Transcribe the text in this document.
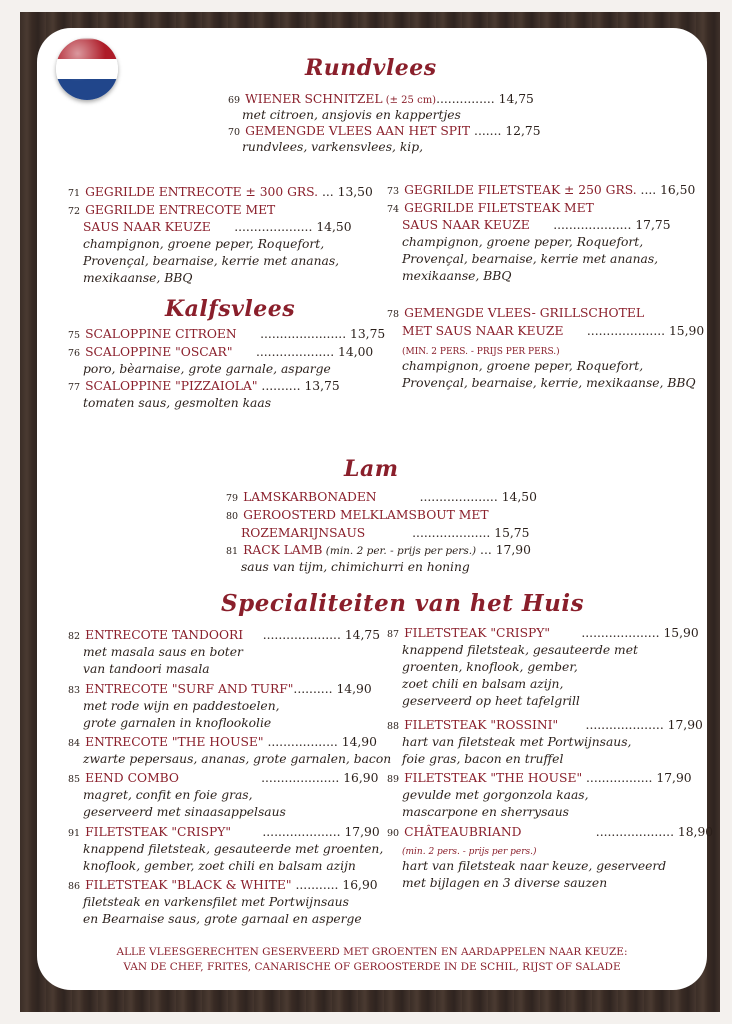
Rundvlees
69 WIENER SCHNITZEL (± 25 cm)............... 14,75
met citroen, ansjovis en kappertjes
70 GEMENGDE VLEES AAN HET SPIT ....... 12,75
rundvlees, varkensvlees, kip,
71 GEGRILDE ENTRECOTE ± 300 GRS. ... 13,50
72 GEGRILDE ENTRECOTE MET
SAUS NAAR KEUZE .................... 14,50
champignon, groene peper, Roquefort,
Provençal, bearnaise, kerrie met ananas,
mexikaanse, BBQ
Kalfsvlees
75 SCALOPPINE CITROEN ...................... 13,75
76 SCALOPPINE "OSCAR" .................... 14,00
poro, bèarnaise, grote garnale, asparge
77 SCALOPPINE "PIZZAIOLA" .......... 13,75
tomaten saus, gesmolten kaas
73 GEGRILDE FILETSTEAK ± 250 GRS. .... 16,50
74 GEGRILDE FILETSTEAK MET
SAUS NAAR KEUZE .................... 17,75
champignon, groene peper, Roquefort,
Provençal, bearnaise, kerrie met ananas,
mexikaanse, BBQ
78 GEMENGDE VLEES- GRILLSCHOTEL
MET SAUS NAAR KEUZE .................... 15,90
(MIN. 2 PERS. - PRIJS PER PERS.)
champignon, groene peper, Roquefort,
Provençal, bearnaise, kerrie, mexikaanse, BBQ
Lam
79 LAMSKARBONADEN	.................... 14,50
80 GEROOSTERD MELKLAMSBOUT MET
ROZEMARIJNSAUS	.................... 15,75
81 RACK LAMB (min. 2 per. - prijs per pers.) ... 17,90
saus van tijm, chimichurri en honing
Specialiteiten van het Huis
82 ENTRECOTE TANDOORI .................... 14,75
met masala saus en boter
van tandoori masala
83 ENTRECOTE "SURF AND TURF".......... 14,90
met rode wijn en paddestoelen,
grote garnalen in knoflookolie
84 ENTRECOTE "THE HOUSE" .................. 14,90
zwarte pepersaus, ananas, grote garnalen, bacon
85 EEND COMBO	.................... 16,90
magret, confit en foie gras,
geserveerd met sinaasappelsaus
91 FILETSTEAK "CRISPY"	.................... 17,90
knappend filetsteak, gesauteerde met groenten,
knoflook, gember, zoet chili en balsam azijn
86 FILETSTEAK "BLACK & WHITE" ........... 16,90
filetsteak en varkensfilet met Portwijnsaus
en Bearnaise saus, grote garnaal en asperge
87 FILETSTEAK "CRISPY"	.................... 15,90
knappend filetsteak, gesauteerde met
groenten, knoflook, gember,
zoet chili en balsam azijn,
geserveerd op heet tafelgrill
88 FILETSTEAK "ROSSINI" .................... 17,90
hart van filetsteak met Portwijnsaus,
foie gras, bacon en truffel
89 FILETSTEAK "THE HOUSE" ................. 17,90
gevulde met gorgonzola kaas,
mascarpone en sherrysaus
90 CHÂTEAUBRIAND	.................... 18,90
(min. 2 pers. - prijs per pers.)
hart van filetsteak naar keuze, geserveerd
met bijlagen en 3 diverse sauzen
ALLE VLEESGERECHTEN GESERVEERD MET GROENTEN EN AARDAPPELEN NAAR KEUZE:
VAN DE CHEF, FRITES, CANARISCHE OF GEROOSTERDE IN DE SCHIL, RIJST OF SALADE
